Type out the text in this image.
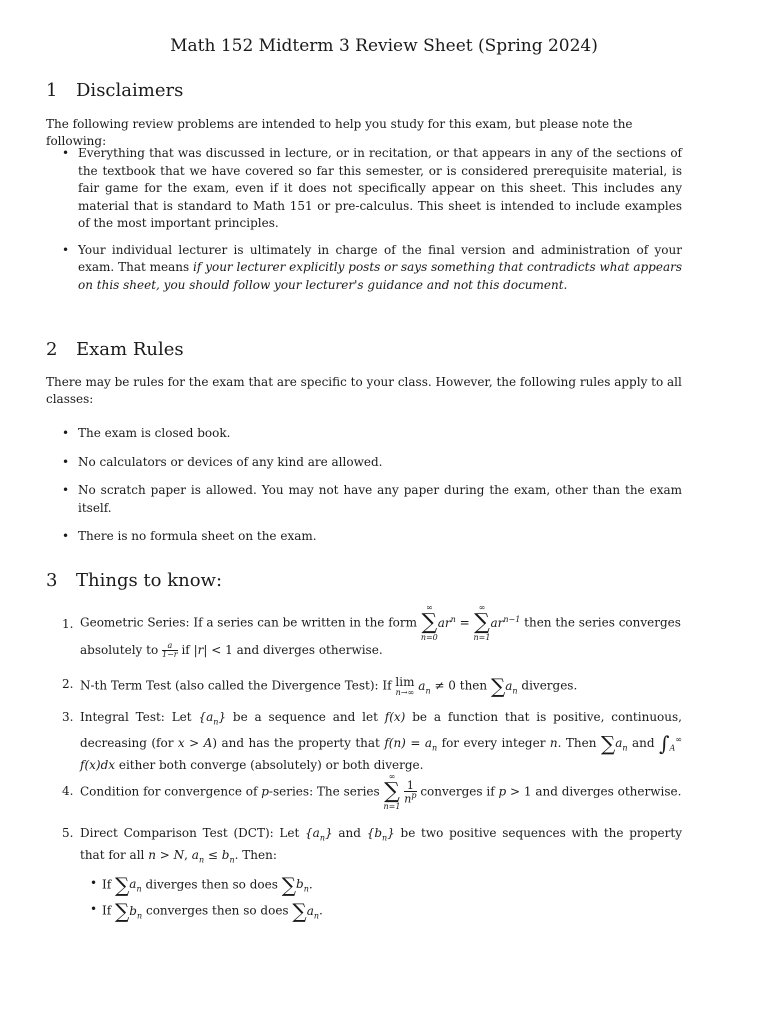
Math 152 Midterm 3 Review Sheet (Spring 2024)
1 Disclaimers

The following review problems are intended to help you study for this exam, but please note the following:

• Everything that was discussed in lecture, or in recitation, or that appears in any of the sections of the textbook that we have covered so far this semester, or is considered prerequisite material, is fair game for the exam, even if it does not specifically appear on this sheet. This includes any material that is standard to Math 151 or pre-calculus. This sheet is intended to include examples of the most important principles.
• Your individual lecturer is ultimately in charge of the final version and administration of your exam. That means if your lecturer explicitly posts or says something that contradicts what appears on this sheet, you should follow your lecturer's guidance and not this document.
2 Exam Rules

There may be rules for the exam that are specific to your class. However, the following rules apply to all classes:

• The exam is closed book.
• No calculators or devices of any kind are allowed.
• No scratch paper is allowed. You may not have any paper during the exam, other than the exam itself.
• There is no formula sheet on the exam.
3 Things to know:
1. Geometric Series: If a series can be written in the form
∞
∑
n=0
$ar^n$ =
∞
∑
n=1
$ar^{n-1}$ then the series converges
absolutely to $\frac{a}{1-r}$ if |r| < 1 and diverges otherwise.
2. N-th Term Test (also called the Divergence Test): If lim
n→∞
$a_n \ne 0$ then $\sum a_n$ diverges.
3. Integral Test: Let $\{a_n\}$ be a sequence and let f(x) be a function that is positive, continuous, decreasing (for x > A) and has the property that $f(n) = a_n$ for every integer n. Then $\sum a_n$ and $\int_A^\infty$ f(x)dx either both converge (absolutely) or both diverge.
4. Condition for convergence of p-series: The series
∞
∑
n=1

$\frac{1}{n^p}$ converges if p > 1 and diverges otherwise.
5. Direct Comparison Test (DCT): Let $\{a_n\}$ and $\{b_n\}$ be two positive sequences with the property that for all n > N, $a_n \le b_n$. Then:
• If $\sum a_n$ diverges then so does $\sum b_n$.
• If $\sum b_n$ converges then so does $\sum a_n$.
